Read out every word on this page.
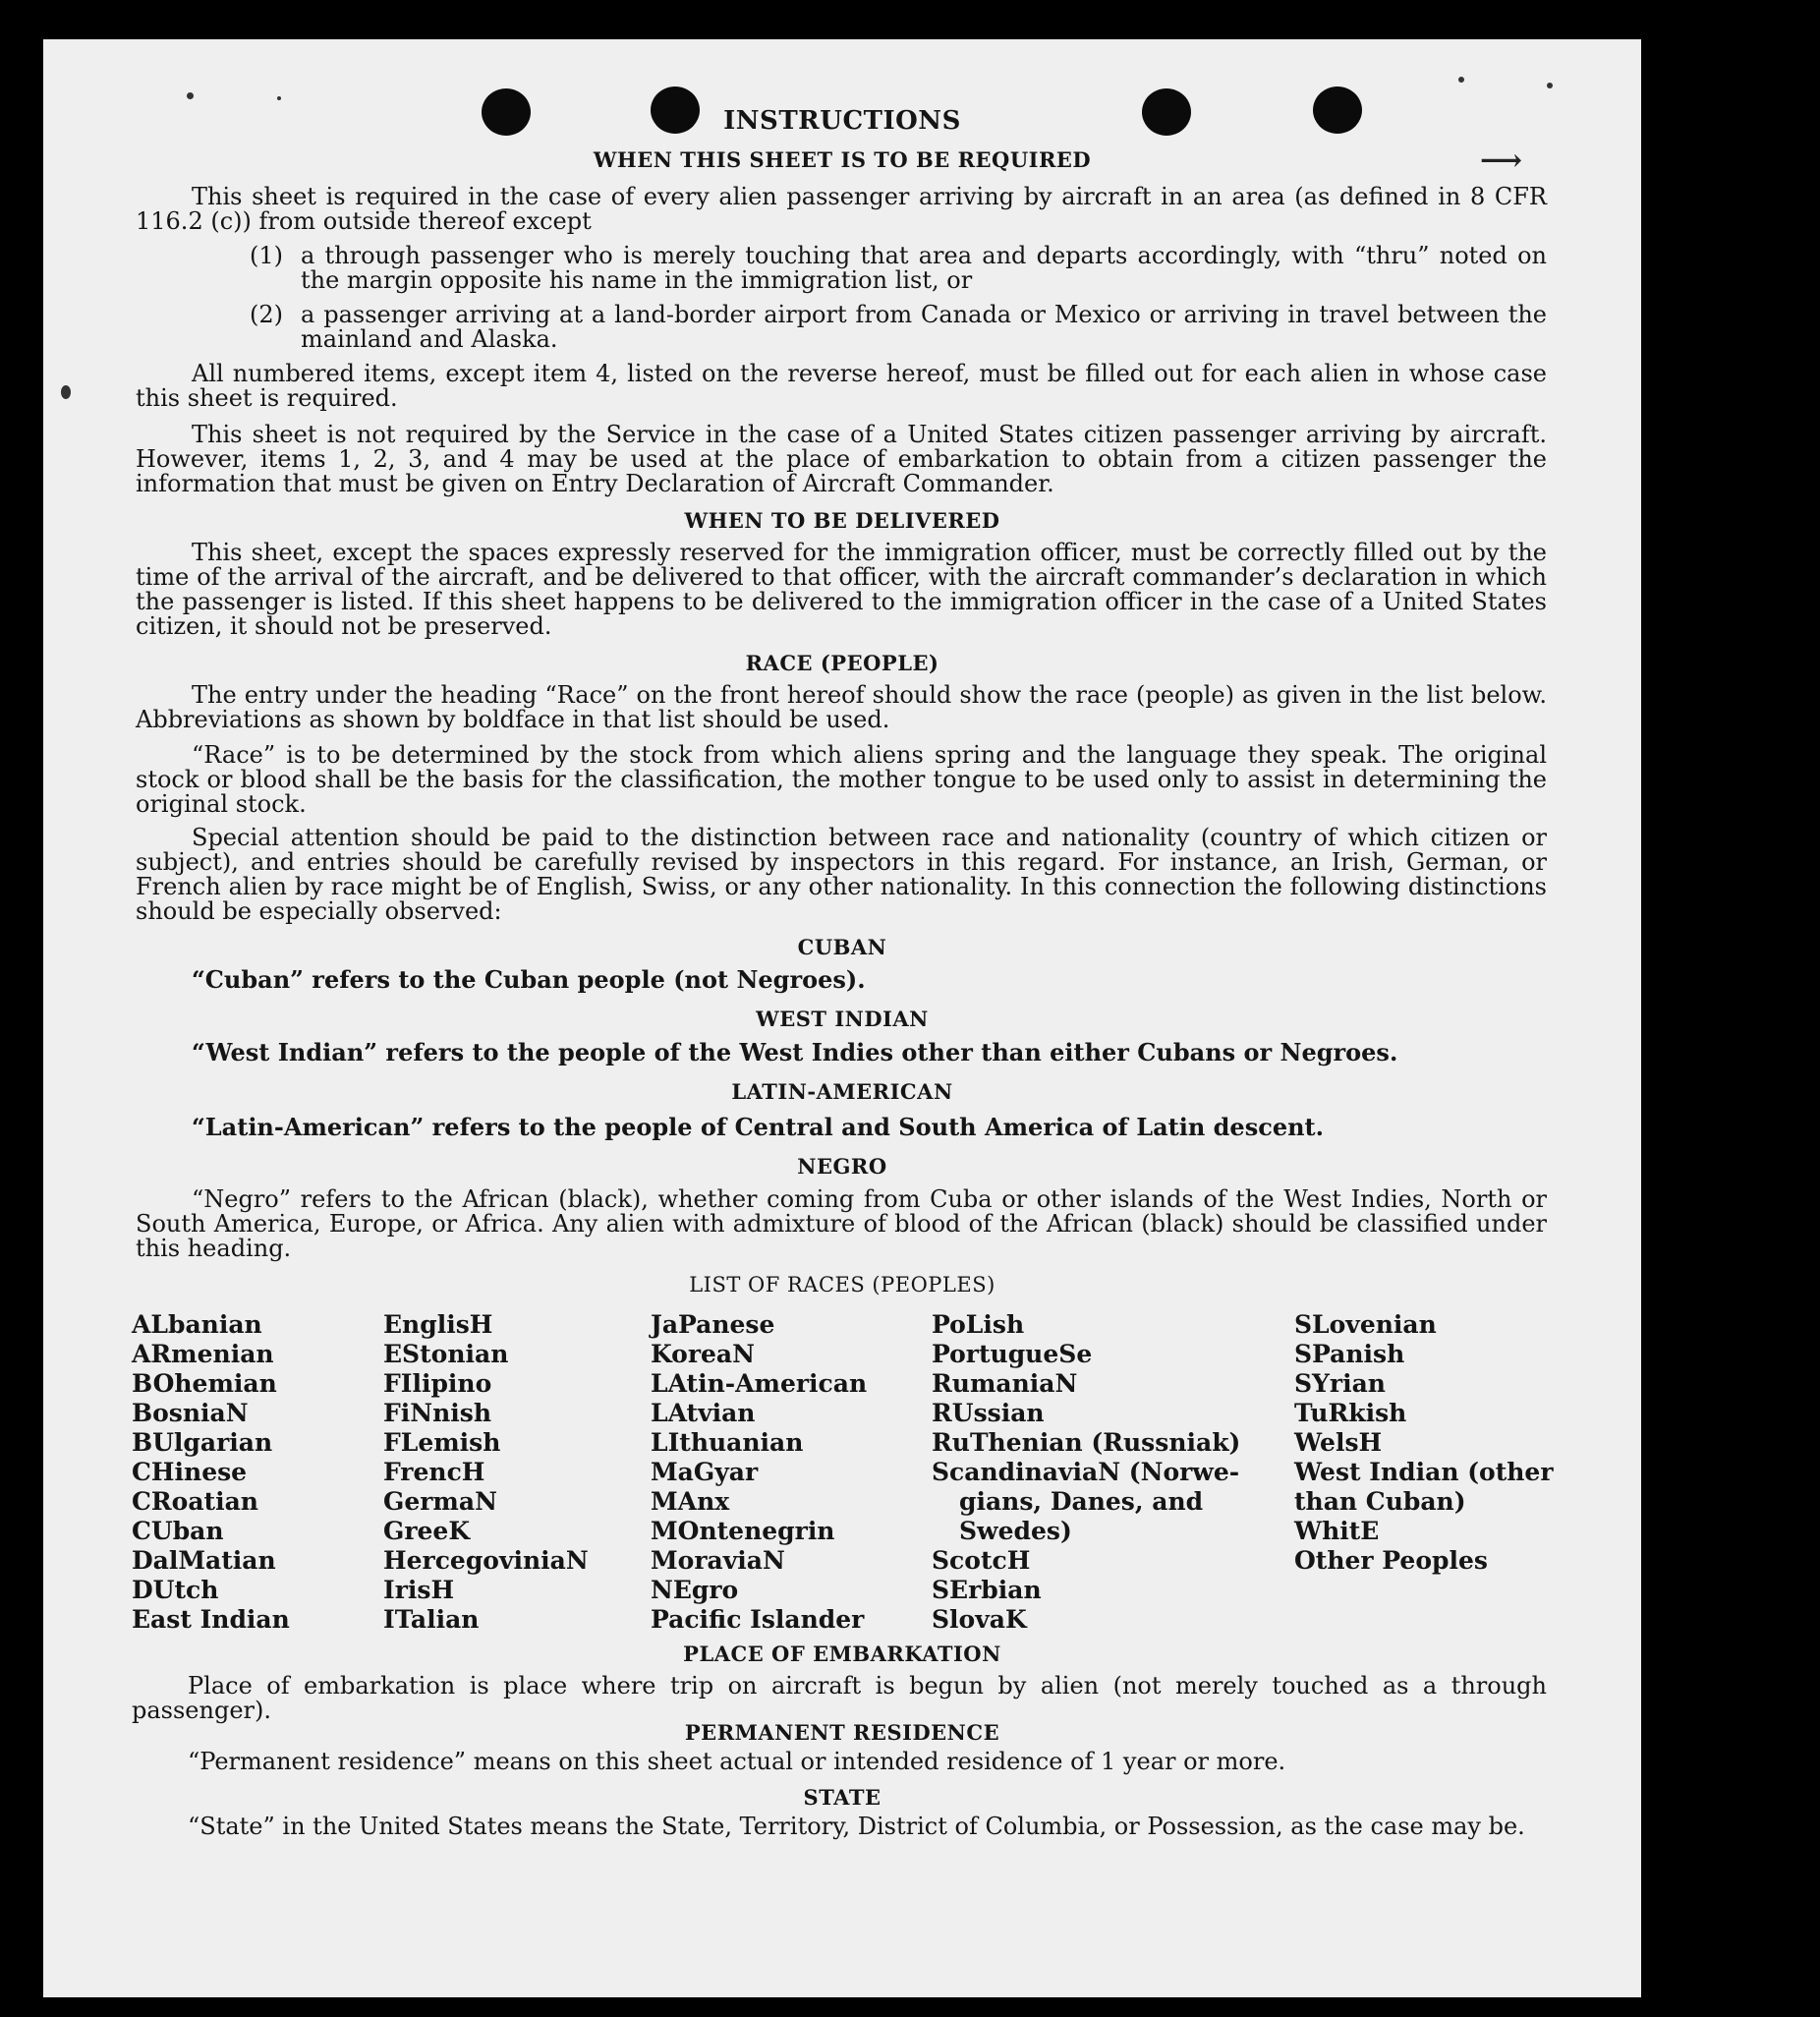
⟶
INSTRUCTIONS
WHEN THIS SHEET IS TO BE REQUIRED
This sheet is required in the case of every alien passenger arriving by aircraft in an area (as defined in 8 CFR 116.2 (c)) from outside thereof except
(1) a through passenger who is merely touching that area and departs accordingly, with “thru” noted on the margin opposite his name in the immigration list, or
(2) a passenger arriving at a land-border airport from Canada or Mexico or arriving in travel between the mainland and Alaska.
All numbered items, except item 4, listed on the reverse hereof, must be filled out for each alien in whose case this sheet is required.
This sheet is not required by the Service in the case of a United States citizen passenger arriving by aircraft. However, items 1, 2, 3, and 4 may be used at the place of embarkation to obtain from a citizen passenger the information that must be given on Entry Declaration of Aircraft Commander.
WHEN TO BE DELIVERED
This sheet, except the spaces expressly reserved for the immigration officer, must be correctly filled out by the time of the arrival of the aircraft, and be delivered to that officer, with the aircraft commander’s declaration in which the passenger is listed. If this sheet happens to be delivered to the immigration officer in the case of a United States citizen, it should not be preserved.
RACE (PEOPLE)
The entry under the heading “Race” on the front hereof should show the race (people) as given in the list below. Abbreviations as shown by boldface in that list should be used.
“Race” is to be determined by the stock from which aliens spring and the language they speak. The original stock or blood shall be the basis for the classification, the mother tongue to be used only to assist in determining the original stock.
Special attention should be paid to the distinction between race and nationality (country of which citizen or subject), and entries should be carefully revised by inspectors in this regard. For instance, an Irish, German, or French alien by race might be of English, Swiss, or any other nationality. In this connection the following distinctions should be especially observed:
CUBAN
“Cuban” refers to the Cuban people (not Negroes).
WEST INDIAN
“West Indian” refers to the people of the West Indies other than either Cubans or Negroes.
LATIN-AMERICAN
“Latin-American” refers to the people of Central and South America of Latin descent.
NEGRO
“Negro” refers to the African (black), whether coming from Cuba or other islands of the West Indies, North or South America, Europe, or Africa. Any alien with admixture of blood of the African (black) should be classified under this heading.
LIST OF RACES (PEOPLES)
ALbanian
ARmenian
BOhemian
BosniaN
BUlgarian
CHinese
CRoatian
CUban
DalMatian
DUtch
East Indian
EnglisH
EStonian
FIlipino
FiNnish
FLemish
FrencH
GermaN
GreeK
HercegoviniaN
IrisH
ITalian
JaPanese
KoreaN
LAtin-American
LAtvian
LIthuanian
MaGyar
MAnx
MOntenegrin
MoraviaN
NEgro
Pacific Islander
PoLish
PortugueSe
RumaniaN
RUssian
RuThenian (Russniak)
ScandinaviaN (Norwe-
gians, Danes, and
Swedes)
ScotcH
SErbian
SlovaK
SLovenian
SPanish
SYrian
TuRkish
WelsH
West Indian (other
than Cuban)
WhitE
Other Peoples
PLACE OF EMBARKATION
Place of embarkation is place where trip on aircraft is begun by alien (not merely touched as a through passenger).
PERMANENT RESIDENCE
“Permanent residence” means on this sheet actual or intended residence of 1 year or more.
STATE
“State” in the United States means the State, Territory, District of Columbia, or Possession, as the case may be.
